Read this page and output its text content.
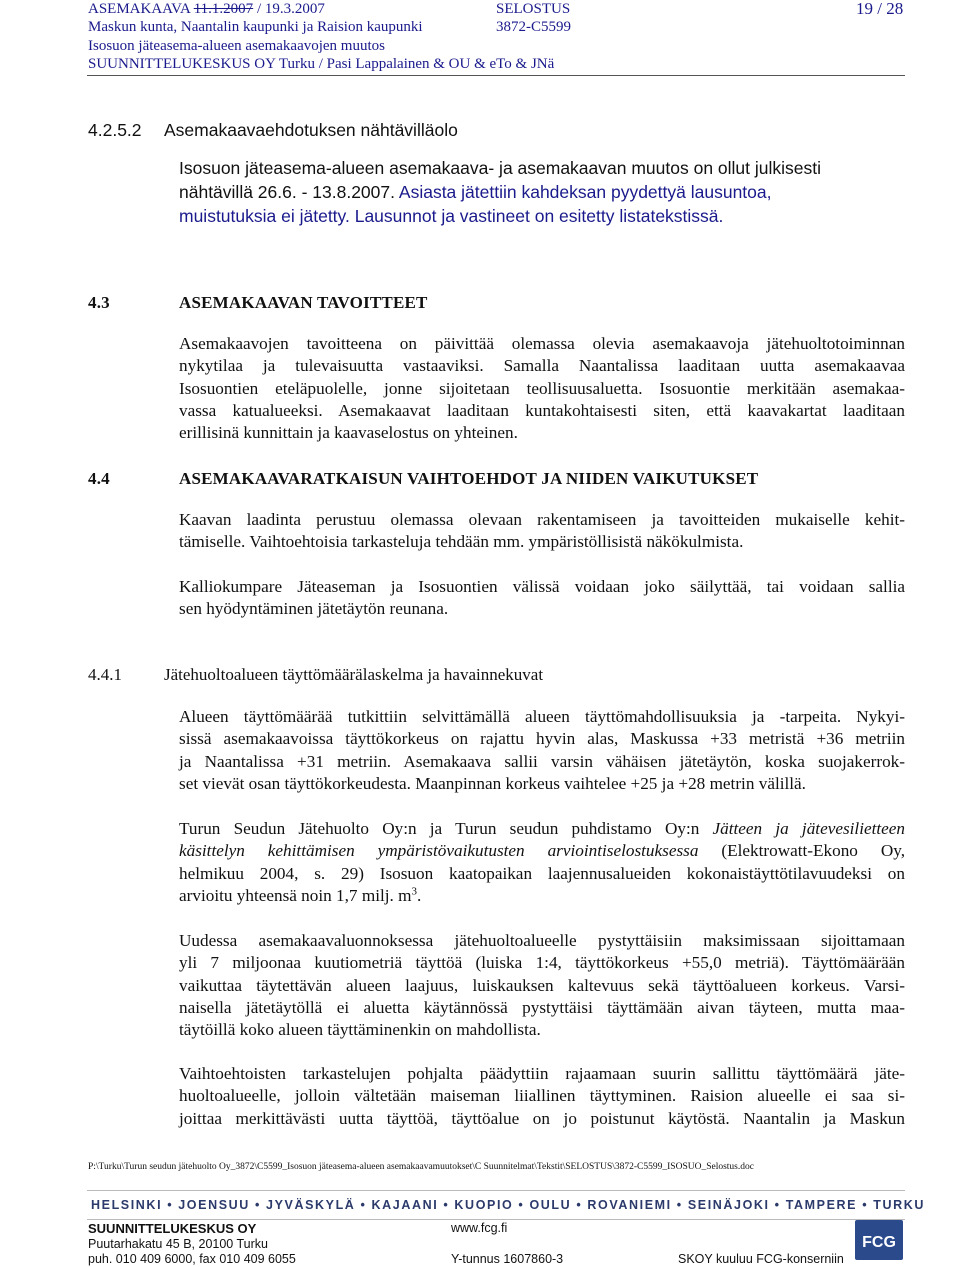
ASEMAKAAVA 11.1.2007 / 19.3.2007	SELOSTUS	19 / 28
Maskun kunta, Naantalin kaupunki ja Raision kaupunki	3872-C5599
Isosuon jäteasema-alueen asemakaavojen muutos
SUUNNITTELUKESKUS OY Turku / Pasi Lappalainen & OU & eTo & JNä
4.2.5.2 Asemakaavaehdotuksen nähtävilläolo
Isosuon jäteasema-alueen asemakaava- ja asemakaavan muutos on ollut julkisesti
nähtävillä 26.6. - 13.8.2007. Asiasta jätettiin kahdeksan pyydettyä lausuntoa,
muistutuksia ei jätetty. Lausunnot ja vastineet on esitetty listatekstissä.
4.3	ASEMAKAAVAN TAVOITTEET
Asemakaavojen tavoitteena on päivittää olemassa olevia asemakaavoja jätehuoltotoiminnan
nykytilaa ja tulevaisuutta vastaaviksi. Samalla Naantalissa laaditaan uutta asemakaavaa
Isosuontien eteläpuolelle, jonne sijoitetaan teollisuusaluetta. Isosuontie merkitään asemakaa-
vassa katualueeksi. Asemakaavat laaditaan kuntakohtaisesti siten, että kaavakartat laaditaan
erillisinä kunnittain ja kaavaselostus on yhteinen.
4.4	ASEMAKAAVARATKAISUN VAIHTOEHDOT JA NIIDEN VAIKUTUKSET
Kaavan laadinta perustuu olemassa olevaan rakentamiseen ja tavoitteiden mukaiselle kehit-
tämiselle. Vaihtoehtoisia tarkasteluja tehdään mm. ympäristöllisistä näkökulmista.
Kalliokumpare Jäteaseman ja Isosuontien välissä voidaan joko säilyttää, tai voidaan sallia
sen hyödyntäminen jätetäytön reunana.
4.4.1 Jätehuoltoalueen täyttömäärälaskelma ja havainnekuvat
Alueen täyttömäärää tutkittiin selvittämällä alueen täyttömahdollisuuksia ja -tarpeita. Nykyi-
sissä asemakaavoissa täyttökorkeus on rajattu hyvin alas, Maskussa +33 metristä +36 metriin
ja Naantalissa +31 metriin. Asemakaava sallii varsin vähäisen jätetäytön, koska suojakerrok-
set vievät osan täyttökorkeudesta. Maanpinnan korkeus vaihtelee +25 ja +28 metrin välillä.
Turun Seudun Jätehuolto Oy:n ja Turun seudun puhdistamo Oy:n Jätteen ja jätevesilietteen
käsittelyn kehittämisen ympäristövaikutusten arviointiselostuksessa (Elektrowatt-Ekono Oy,
helmikuu 2004, s. 29) Isosuon kaatopaikan laajennusalueiden kokonaistäyttötilavuudeksi on
arvioitu yhteensä noin 1,7 milj. $m^3$.
Uudessa asemakaavaluonnoksessa jätehuoltoalueelle pystyttäisiin maksimissaan sijoittamaan
yli 7 miljoonaa kuutiometriä täyttöä (luiska 1:4, täyttökorkeus +55,0 metriä). Täyttömäärään
vaikuttaa täytettävän alueen laajuus, luiskauksen kaltevuus sekä täyttöalueen korkeus. Varsi-
naisella jätetäytöllä ei aluetta käytännössä pystyttäisi täyttämään aivan täyteen, mutta maa-
täytöillä koko alueen täyttäminenkin on mahdollista.
Vaihtoehtoisten tarkastelujen pohjalta päädyttiin rajaamaan suurin sallittu täyttömäärä jäte-
huoltoalueelle, jolloin vältetään maiseman liiallinen täyttyminen. Raision alueelle ei saa si-
joittaa merkittävästi uutta täyttöä, täyttöalue on jo poistunut käytöstä. Naantalin ja Maskun
P:\Turku\Turun seudun jätehuolto Oy_3872\C5599_Isosuon jäteasema-alueen asemakaavamuutokset\C Suunnitelmat\Tekstit\SELOSTUS\3872-C5599_ISOSUO_Selostus.doc
HELSINKI • JOENSUU • JYVÄSKYLÄ • KAJAANI • KUOPIO • OULU • ROVANIEMI • SEINÄJOKI • TAMPERE • TURKU
SUUNNITTELUKESKUS OY
Puutarhakatu 45 B, 20100 Turku
puh. 010 409 6000, fax 010 409 6055
www.fcg.fi
Y-tunnus 1607860-3	SKOY kuuluu FCG-konserniin
FCG
